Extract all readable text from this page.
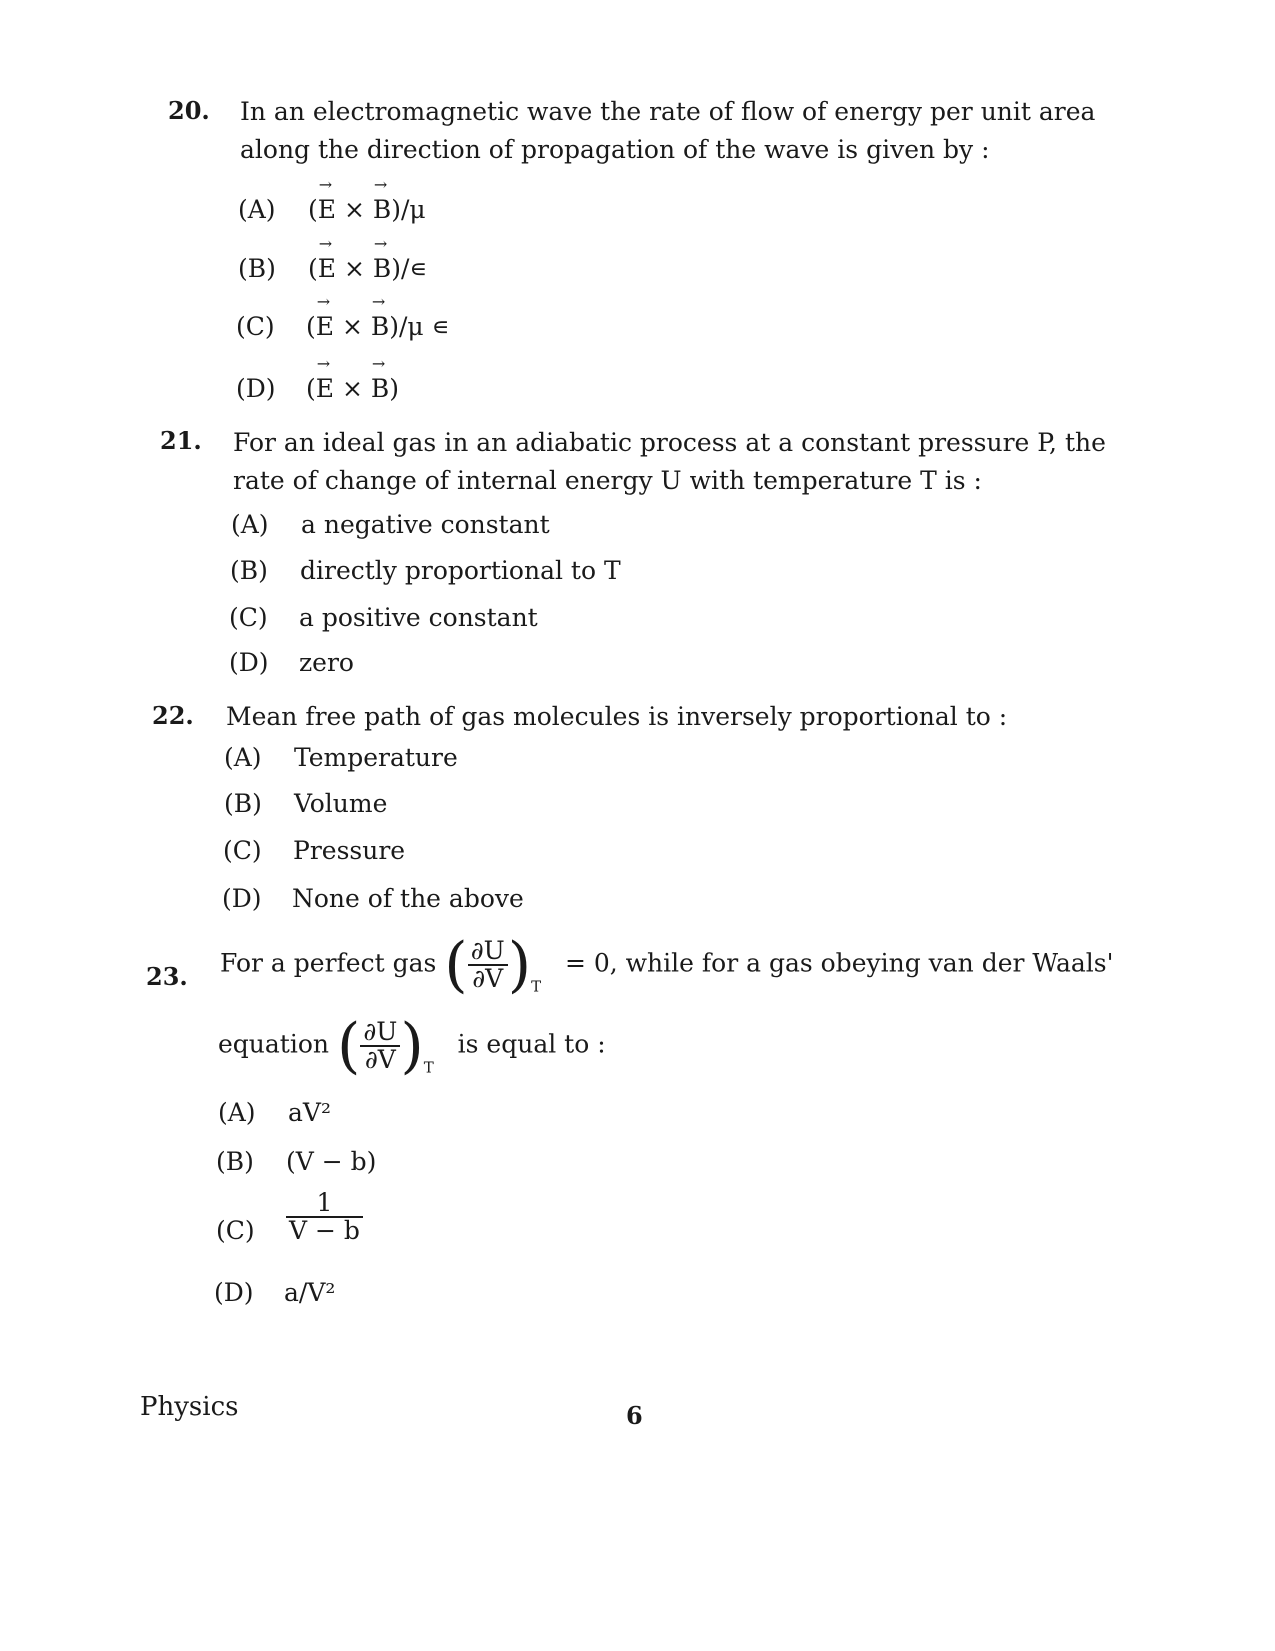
20. In an electromagnetic wave the rate of flow of energy per unit area along the direction of propagation of the wave is given by :
(A) (→ E × → B)/μ
(B) (→ E × → B)/∊
(C) (→ E × → B)/μ ∊
(D) (→ E × → B)
21. For an ideal gas in an adiabatic process at a constant pressure P, the rate of change of internal energy U with temperature T is :
(A) a negative constant
(B) directly proportional to T
(C) a positive constant
(D) zero
22. Mean free path of gas molecules is inversely proportional to :
(A) Temperature
(B) Volume
(C) Pressure
(D) None of the above
23. For a perfect gas ( $\frac{\partial U}{\partial V} )_T = 0$, while for a gas obeying van der Waals'
equation ( $\frac{\partial U}{\partial V} )_T$   is equal to :
(A) aV²
(B) (V − b)
$(C) \frac{1}{V - b}$
(D) a/V²
Physics	6
